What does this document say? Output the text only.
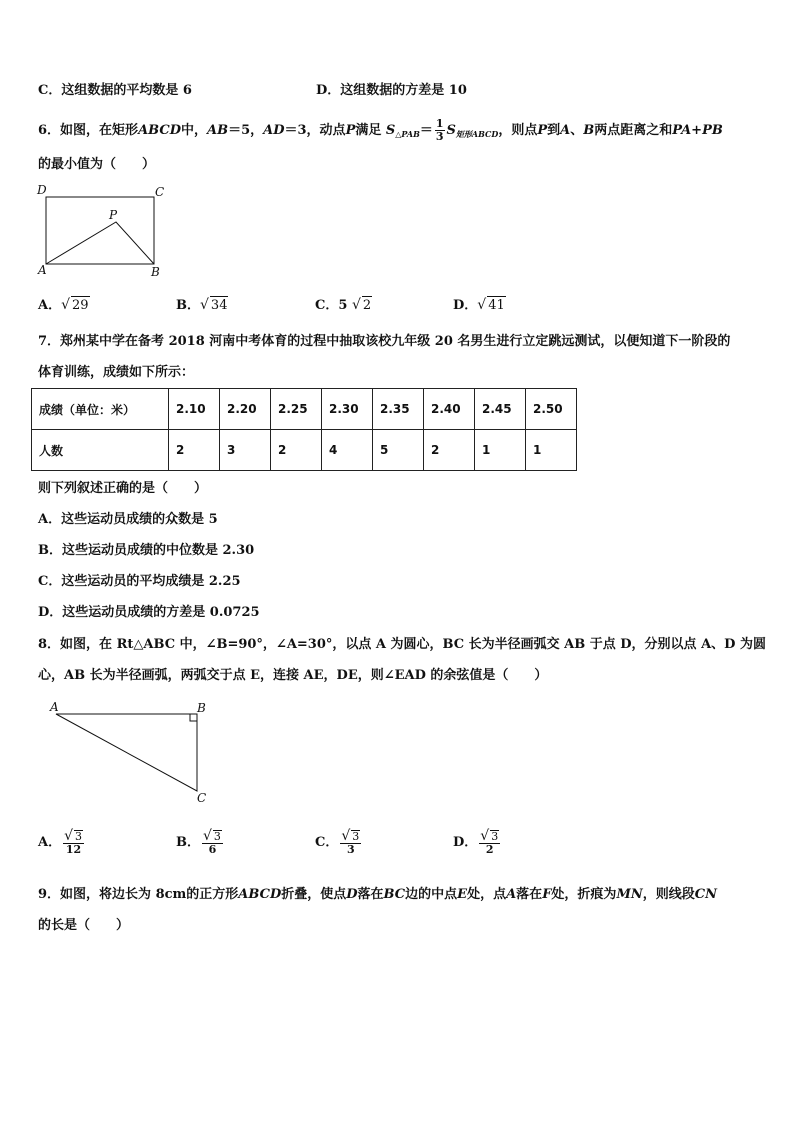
C．这组数据的平均数是 6	D．这组数据的方差是 10
6．如图，在矩形ABCD中，AB＝5，AD＝3，动点P满足 $S_{\triangle PAB}= \frac{1}{3} S_{矩形ABCD}$，则点P到A、B两点距离之和PA+PB
的最小值为（　　）
D	C
P
A	B
A．√ 29	B．√ 34	C．5 √ 2	D．√ 41
7．郑州某中学在备考 2018 河南中考体育的过程中抽取该校九年级 20 名男生进行立定跳远测试，以便知道下一阶段的
体育训练，成绩如下所示：
成绩（单位：米）	2.10	2.20	2.25	2.30	2.35	2.40	2.45	2.50
人数	2	3	2	4	5	2	1	1
则下列叙述正确的是（　　）
A．这些运动员成绩的众数是 5
B．这些运动员成绩的中位数是 2.30
C．这些运动员的平均成绩是 2.25
D．这些运动员成绩的方差是 0.0725
8．如图，在 Rt△ABC 中，∠B=90°，∠A=30°，以点 A 为圆心，BC 长为半径画弧交 AB 于点 D，分别以点 A、D 为圆
心，AB 长为半径画弧，两弧交于点 E，连接 AE，DE，则∠EAD 的余弦值是（　　）
A	B
C
A． $\frac{√ 3}{12}$	B． $\frac{√ 3}{6}$	C． $\frac{√ 3}{3}$	D． $\frac{√ 3}{2}$
9．如图，将边长为 8cm的正方形ABCD折叠，使点D落在BC边的中点E处，点A落在F处，折痕为MN，则线段CN
的长是（　　）
